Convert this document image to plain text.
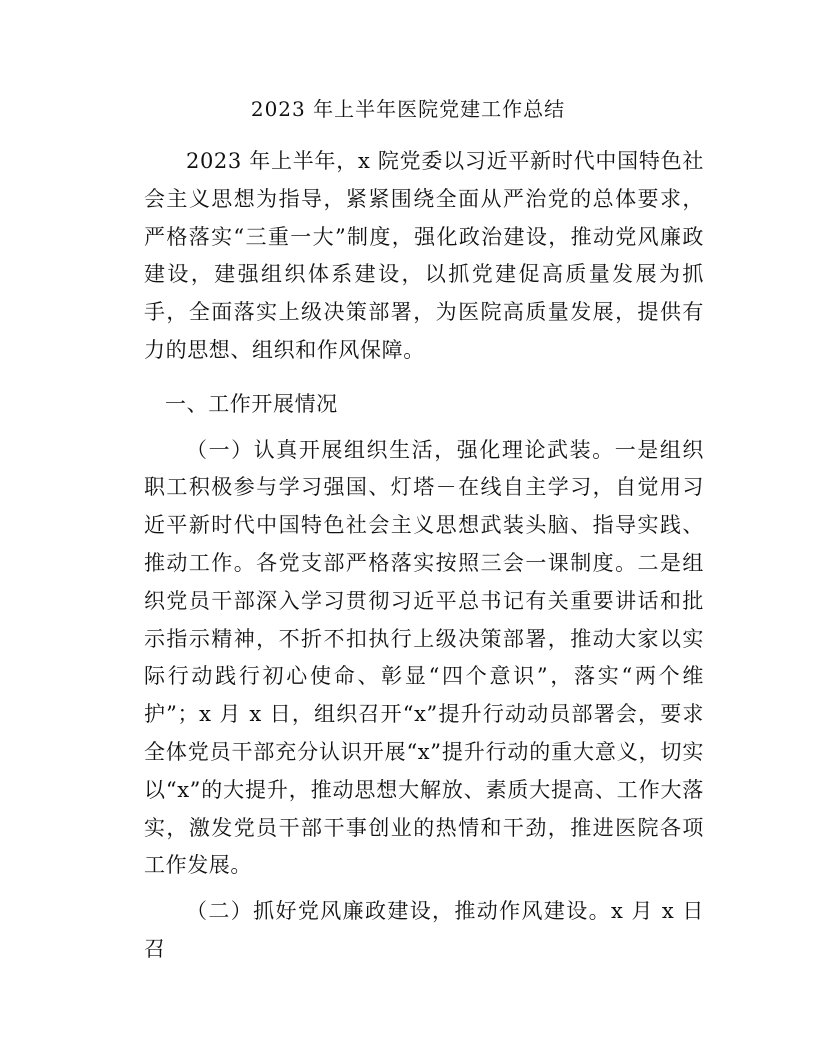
2023 年上半年医院党建工作总结

2023 年上半年，x 院党委以习近平新时代中国特色社会主义思想为指导，紧紧围绕全面从严治党的总体要求，严格落实“三重一大”制度，强化政治建设，推动党风廉政建设，建强组织体系建设，以抓党建促高质量发展为抓手，全面落实上级决策部署，为医院高质量发展，提供有力的思想、组织和作风保障。

一、工作开展情况

（一）认真开展组织生活，强化理论武装。一是组织职工积极参与学习强国、灯塔－在线自主学习，自觉用习近平新时代中国特色社会主义思想武装头脑、指导实践、推动工作。各党支部严格落实按照三会一课制度。二是组织党员干部深入学习贯彻习近平总书记有关重要讲话和批示指示精神，不折不扣执行上级决策部署，推动大家以实际行动践行初心使命、彰显“四个意识”，落实“两个维护”；x 月 x 日，组织召开“x”提升行动动员部署会，要求全体党员干部充分认识开展“x”提升行动的重大意义，切实以“x”的大提升，推动思想大解放、素质大提高、工作大落实，激发党员干部干事创业的热情和干劲，推进医院各项工作发展。

（二）抓好党风廉政建设，推动作风建设。x 月 x 日召
